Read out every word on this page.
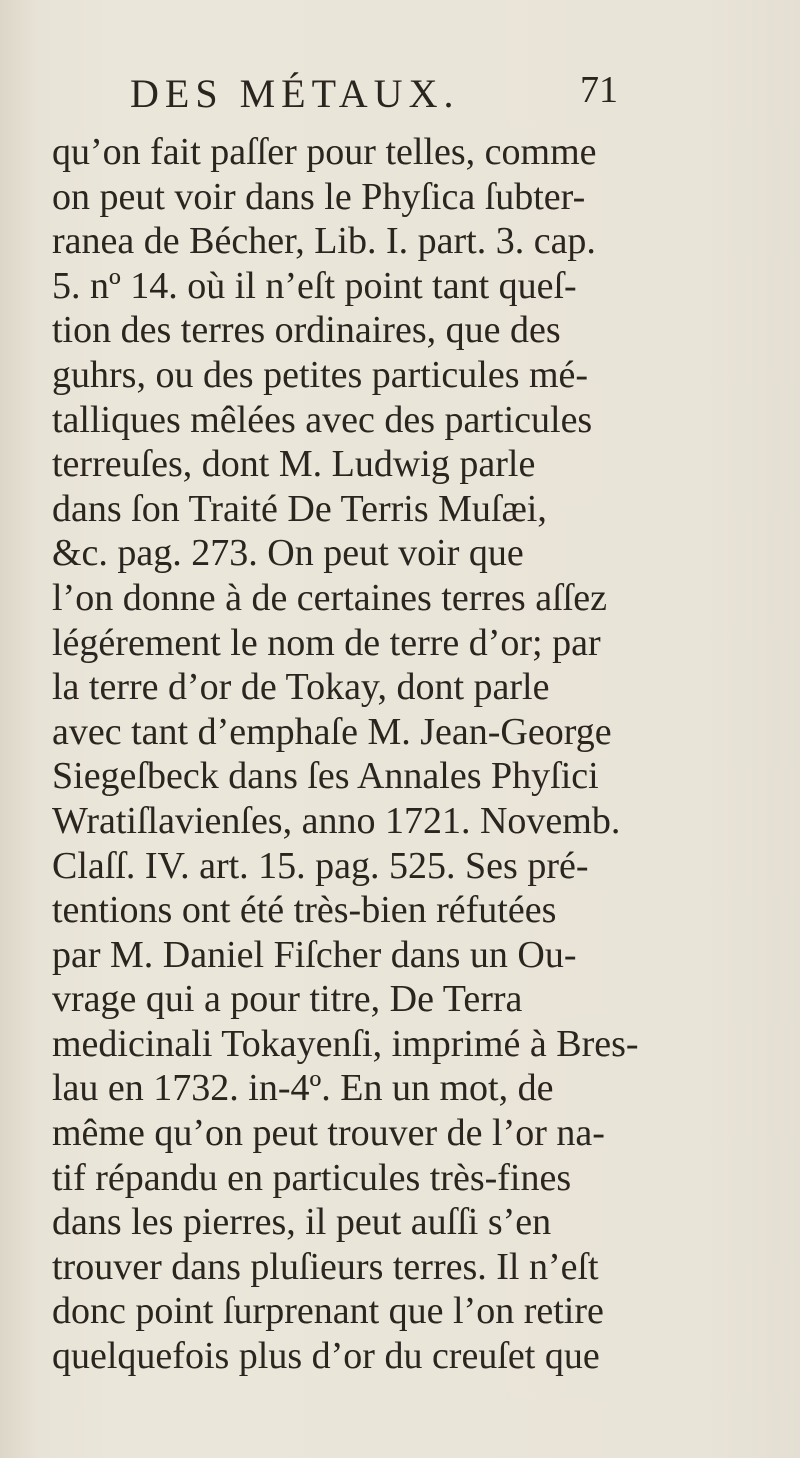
DES MÉTAUX.	71
qu’on fait paſſer pour telles, comme
on peut voir dans le Phyſica ſubter-
ranea de Bécher, Lib. I. part. 3. cap.
5. nº 14. où il n’eſt point tant queſ-
tion des terres ordinaires, que des
guhrs, ou des petites particules mé-
talliques mêlées avec des particules
terreuſes, dont M. Ludwig parle
dans ſon Traité De Terris Muſæi,
&c. pag. 273. On peut voir que
l’on donne à de certaines terres aſſez
légérement le nom de terre d’or; par
la terre d’or de Tokay, dont parle
avec tant d’emphaſe M. Jean-George
Siegeſbeck dans ſes Annales Phyſici
Wratiſlavienſes, anno 1721. Novemb.
Claſſ. IV. art. 15. pag. 525. Ses pré-
tentions ont été très-bien réfutées
par M. Daniel Fiſcher dans un Ou-
vrage qui a pour titre, De Terra
medicinali Tokayenſi, imprimé à Bres-
lau en 1732. in-4º. En un mot, de
même qu’on peut trouver de l’or na-
tif répandu en particules très-fines
dans les pierres, il peut auſſi s’en
trouver dans pluſieurs terres. Il n’eſt
donc point ſurprenant que l’on retire
quelquefois plus d’or du creuſet que
